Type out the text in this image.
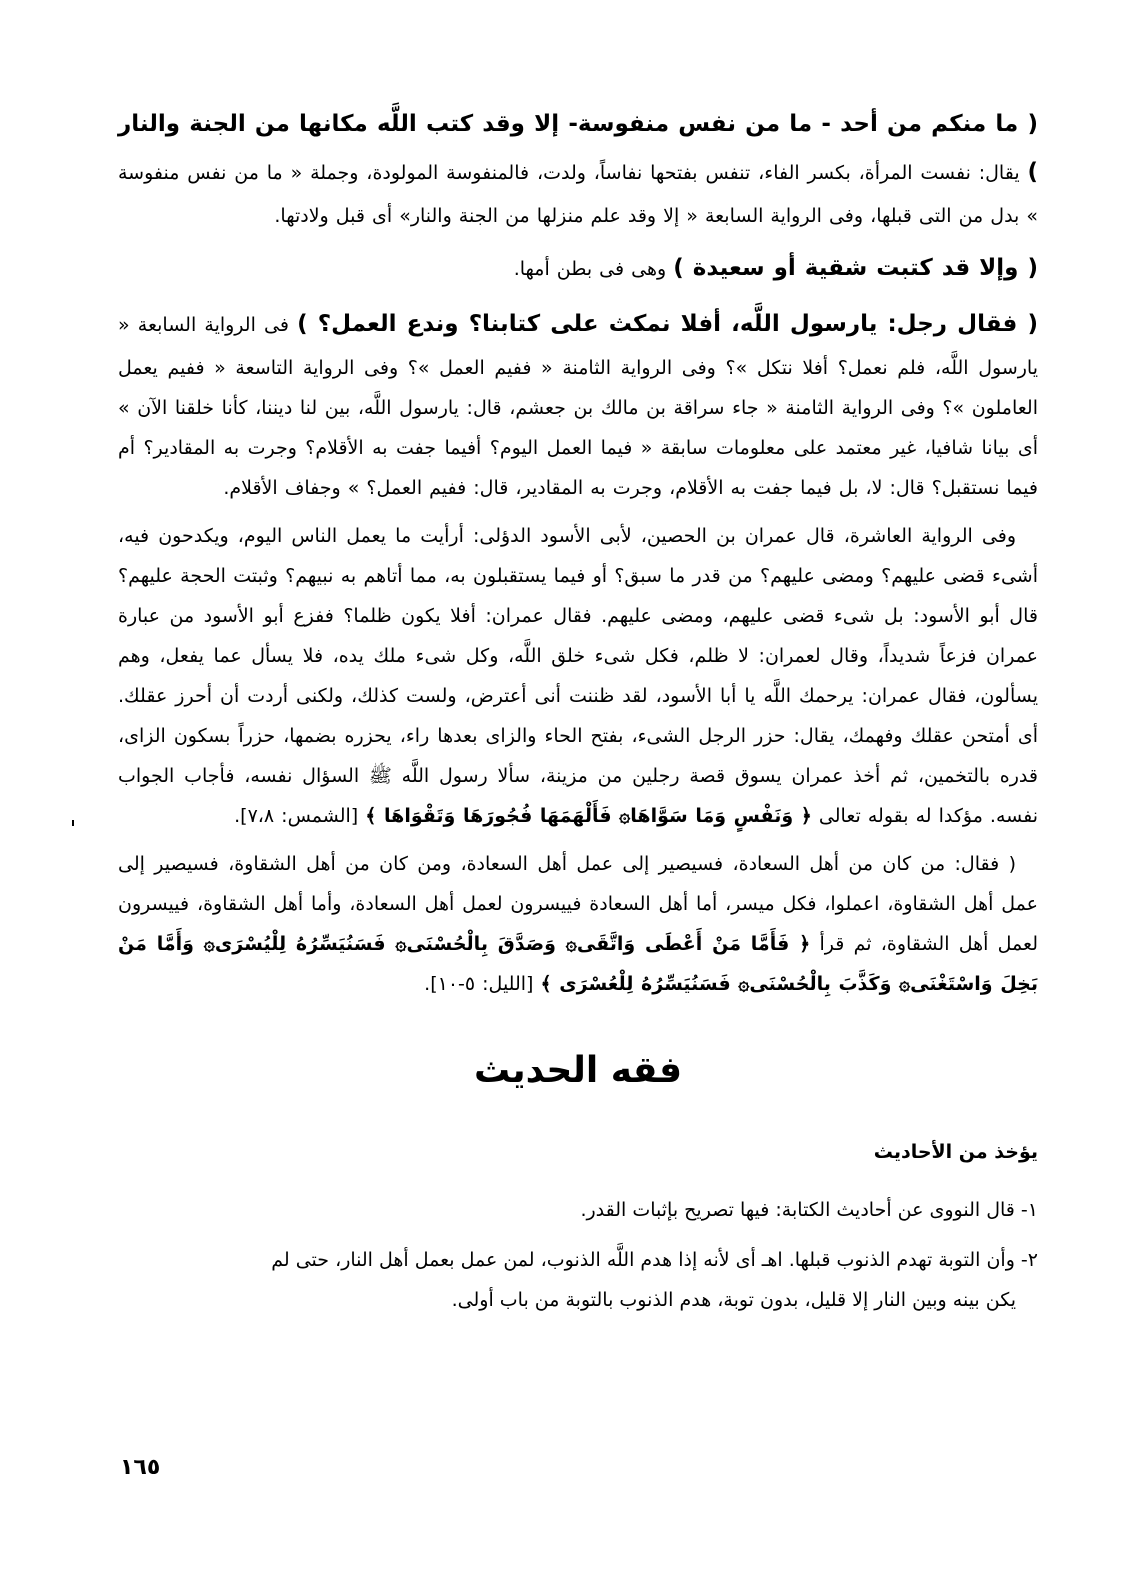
( ما منكم من أحد - ما من نفس منفوسة- إلا وقد كتب اللَّه مكانها من الجنة والنار ) يقال: نفست المرأة، بكسر الفاء، تنفس بفتحها نفاساً، ولدت، فالمنفوسة المولودة، وجملة « ما من نفس منفوسة » بدل من التى قبلها، وفى الرواية السابعة « إلا وقد علم منزلها من الجنة والنار» أى قبل ولادتها.

( وإلا قد كتبت شقية أو سعيدة ) وهى فى بطن أمها.

( فقال رجل: يارسول اللَّه، أفلا نمكث على كتابنا؟ وندع العمل؟ ) فى الرواية السابعة « يارسول اللَّه، فلم نعمل؟ أفلا نتكل »؟ وفى الرواية الثامنة « ففيم العمل »؟ وفى الرواية التاسعة « ففيم يعمل العاملون »؟ وفى الرواية الثامنة « جاء سراقة بن مالك بن جعشم، قال: يارسول اللَّه، بين لنا ديننا، كأنا خلقنا الآن » أى بيانا شافيا، غير معتمد على معلومات سابقة « فيما العمل اليوم؟ أفيما جفت به الأقلام؟ وجرت به المقادير؟ أم فيما نستقبل؟ قال: لا، بل فيما جفت به الأقلام، وجرت به المقادير، قال: ففيم العمل؟ » وجفاف الأقلام.

وفى الرواية العاشرة، قال عمران بن الحصين، لأبى الأسود الدؤلى: أرأيت ما يعمل الناس اليوم، ويكدحون فيه، أشىء قضى عليهم؟ ومضى عليهم؟ من قدر ما سبق؟ أو فيما يستقبلون به، مما أتاهم به نبيهم؟ وثبتت الحجة عليهم؟ قال أبو الأسود: بل شىء قضى عليهم، ومضى عليهم. فقال عمران: أفلا يكون ظلما؟ ففزع أبو الأسود من عبارة عمران فزعاً شديداً، وقال لعمران: لا ظلم، فكل شىء خلق اللَّه، وكل شىء ملك يده، فلا يسأل عما يفعل، وهم يسألون، فقال عمران: يرحمك اللَّه يا أبا الأسود، لقد ظننت أنى أعترض، ولست كذلك، ولكنى أردت أن أحرز عقلك. أى أمتحن عقلك وفهمك، يقال: حزر الرجل الشىء، بفتح الحاء والزاى بعدها راء، يحزره بضمها، حزراً بسكون الزاى، قدره بالتخمين، ثم أخذ عمران يسوق قصة رجلين من مزينة، سألا رسول اللَّه ﷺ السؤال نفسه، فأجاب الجواب نفسه. مؤكدا له بقوله تعالى ﴿ وَنَفْسٍ وَمَا سَوَّاهَا۞ فَأَلْهَمَهَا فُجُورَهَا وَتَقْوَاهَا ﴾ [الشمس: ٧،٨].

( فقال: من كان من أهل السعادة، فسيصير إلى عمل أهل السعادة، ومن كان من أهل الشقاوة، فسيصير إلى عمل أهل الشقاوة، اعملوا، فكل ميسر، أما أهل السعادة فييسرون لعمل أهل السعادة، وأما أهل الشقاوة، فييسرون لعمل أهل الشقاوة، ثم قرأ ﴿ فَأَمَّا مَنْ أَعْطَى وَاتَّقَى۞ وَصَدَّقَ بِالْحُسْنَى۞ فَسَنُيَسِّرُهُ لِلْيُسْرَى۞ وَأَمَّا مَنْ بَخِلَ وَاسْتَغْنَى۞ وَكَذَّبَ بِالْحُسْنَى۞ فَسَنُيَسِّرُهُ لِلْعُسْرَى ﴾ [الليل: ٥-١٠].

فقه الحديث
يؤخذ من الأحاديث
١- قال النووى عن أحاديث الكتابة: فيها تصريح بإثبات القدر.
٢- وأن التوبة تهدم الذنوب قبلها. اهـ أى لأنه إذا هدم اللَّه الذنوب، لمن عمل بعمل أهل النار، حتى لم
يكن بينه وبين النار إلا قليل، بدون توبة، هدم الذنوب بالتوبة من باب أولى.
١٦٥
